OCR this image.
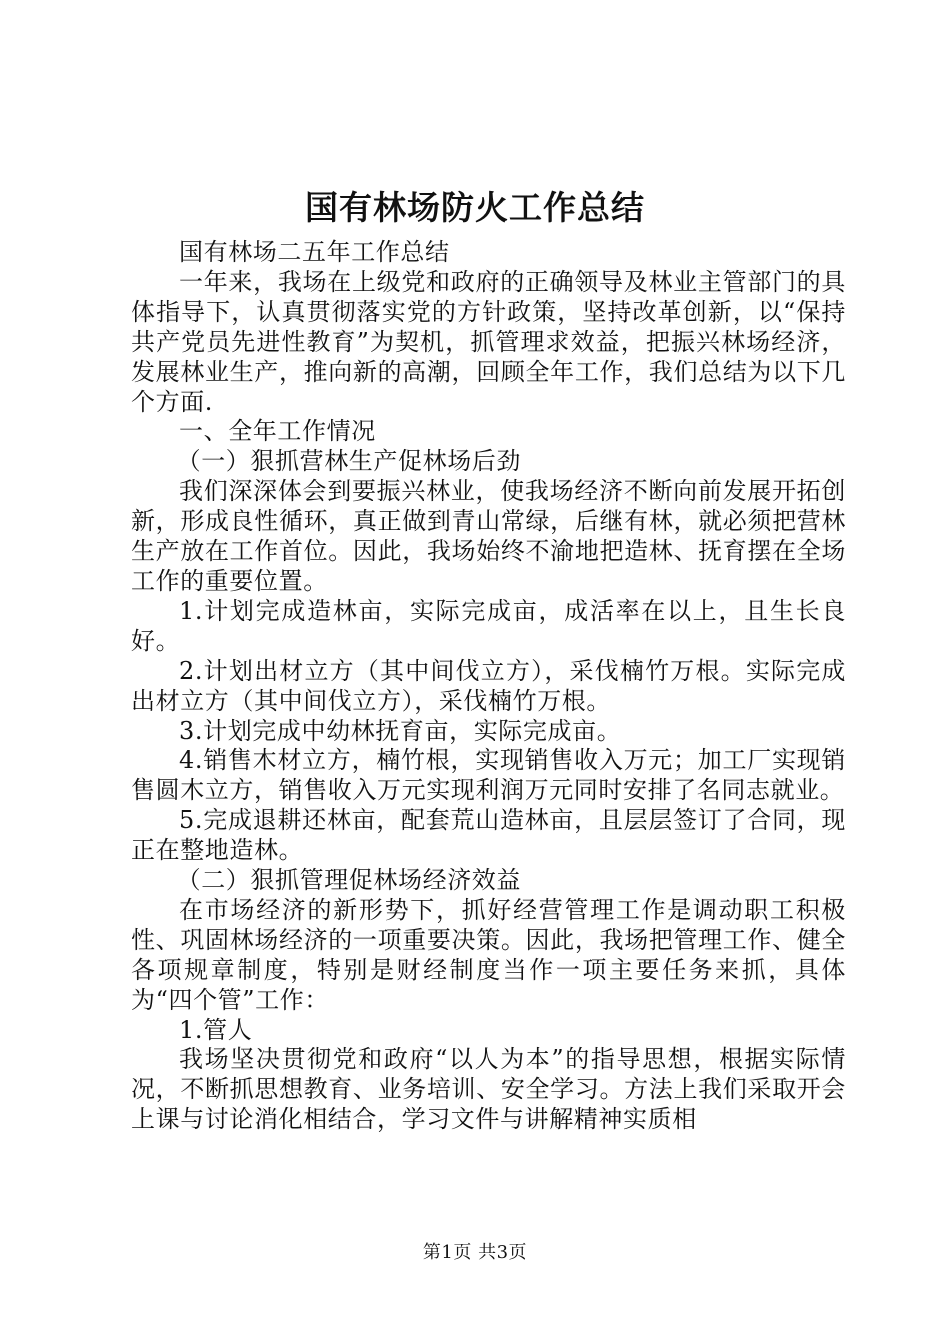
国有林场防火工作总结

国有林场二五年工作总结

一年来，我场在上级党和政府的正确领导及林业主管部门的具体指导下，认真贯彻落实党的方针政策，坚持改革创新，以“保持共产党员先进性教育”为契机，抓管理求效益，把振兴林场经济，发展林业生产，推向新的高潮，回顾全年工作，我们总结为以下几个方面.

一、全年工作情况

（一）狠抓营林生产促林场后劲

我们深深体会到要振兴林业，使我场经济不断向前发展开拓创新，形成良性循环，真正做到青山常绿，后继有林，就必须把营林生产放在工作首位。因此，我场始终不渝地把造林、抚育摆在全场工作的重要位置。

1.计划完成造林亩，实际完成亩，成活率在以上，且生长良好。

2.计划出材立方（其中间伐立方），采伐楠竹万根。实际完成出材立方（其中间伐立方），采伐楠竹万根。

3.计划完成中幼林抚育亩，实际完成亩。

4.销售木材立方，楠竹根，实现销售收入万元；加工厂实现销售圆木立方，销售收入万元实现利润万元同时安排了名同志就业。

5.完成退耕还林亩，配套荒山造林亩，且层层签订了合同，现正在整地造林。

（二）狠抓管理促林场经济效益

在市场经济的新形势下，抓好经营管理工作是调动职工积极性、巩固林场经济的一项重要决策。因此，我场把管理工作、健全各项规章制度，特别是财经制度当作一项主要任务来抓，具体为“四个管”工作：

1.管人

我场坚决贯彻党和政府“以人为本”的指导思想，根据实际情况，不断抓思想教育、业务培训、安全学习。方法上我们采取开会上课与讨论消化相结合，学习文件与讲解精神实质相

第1页 共3页
